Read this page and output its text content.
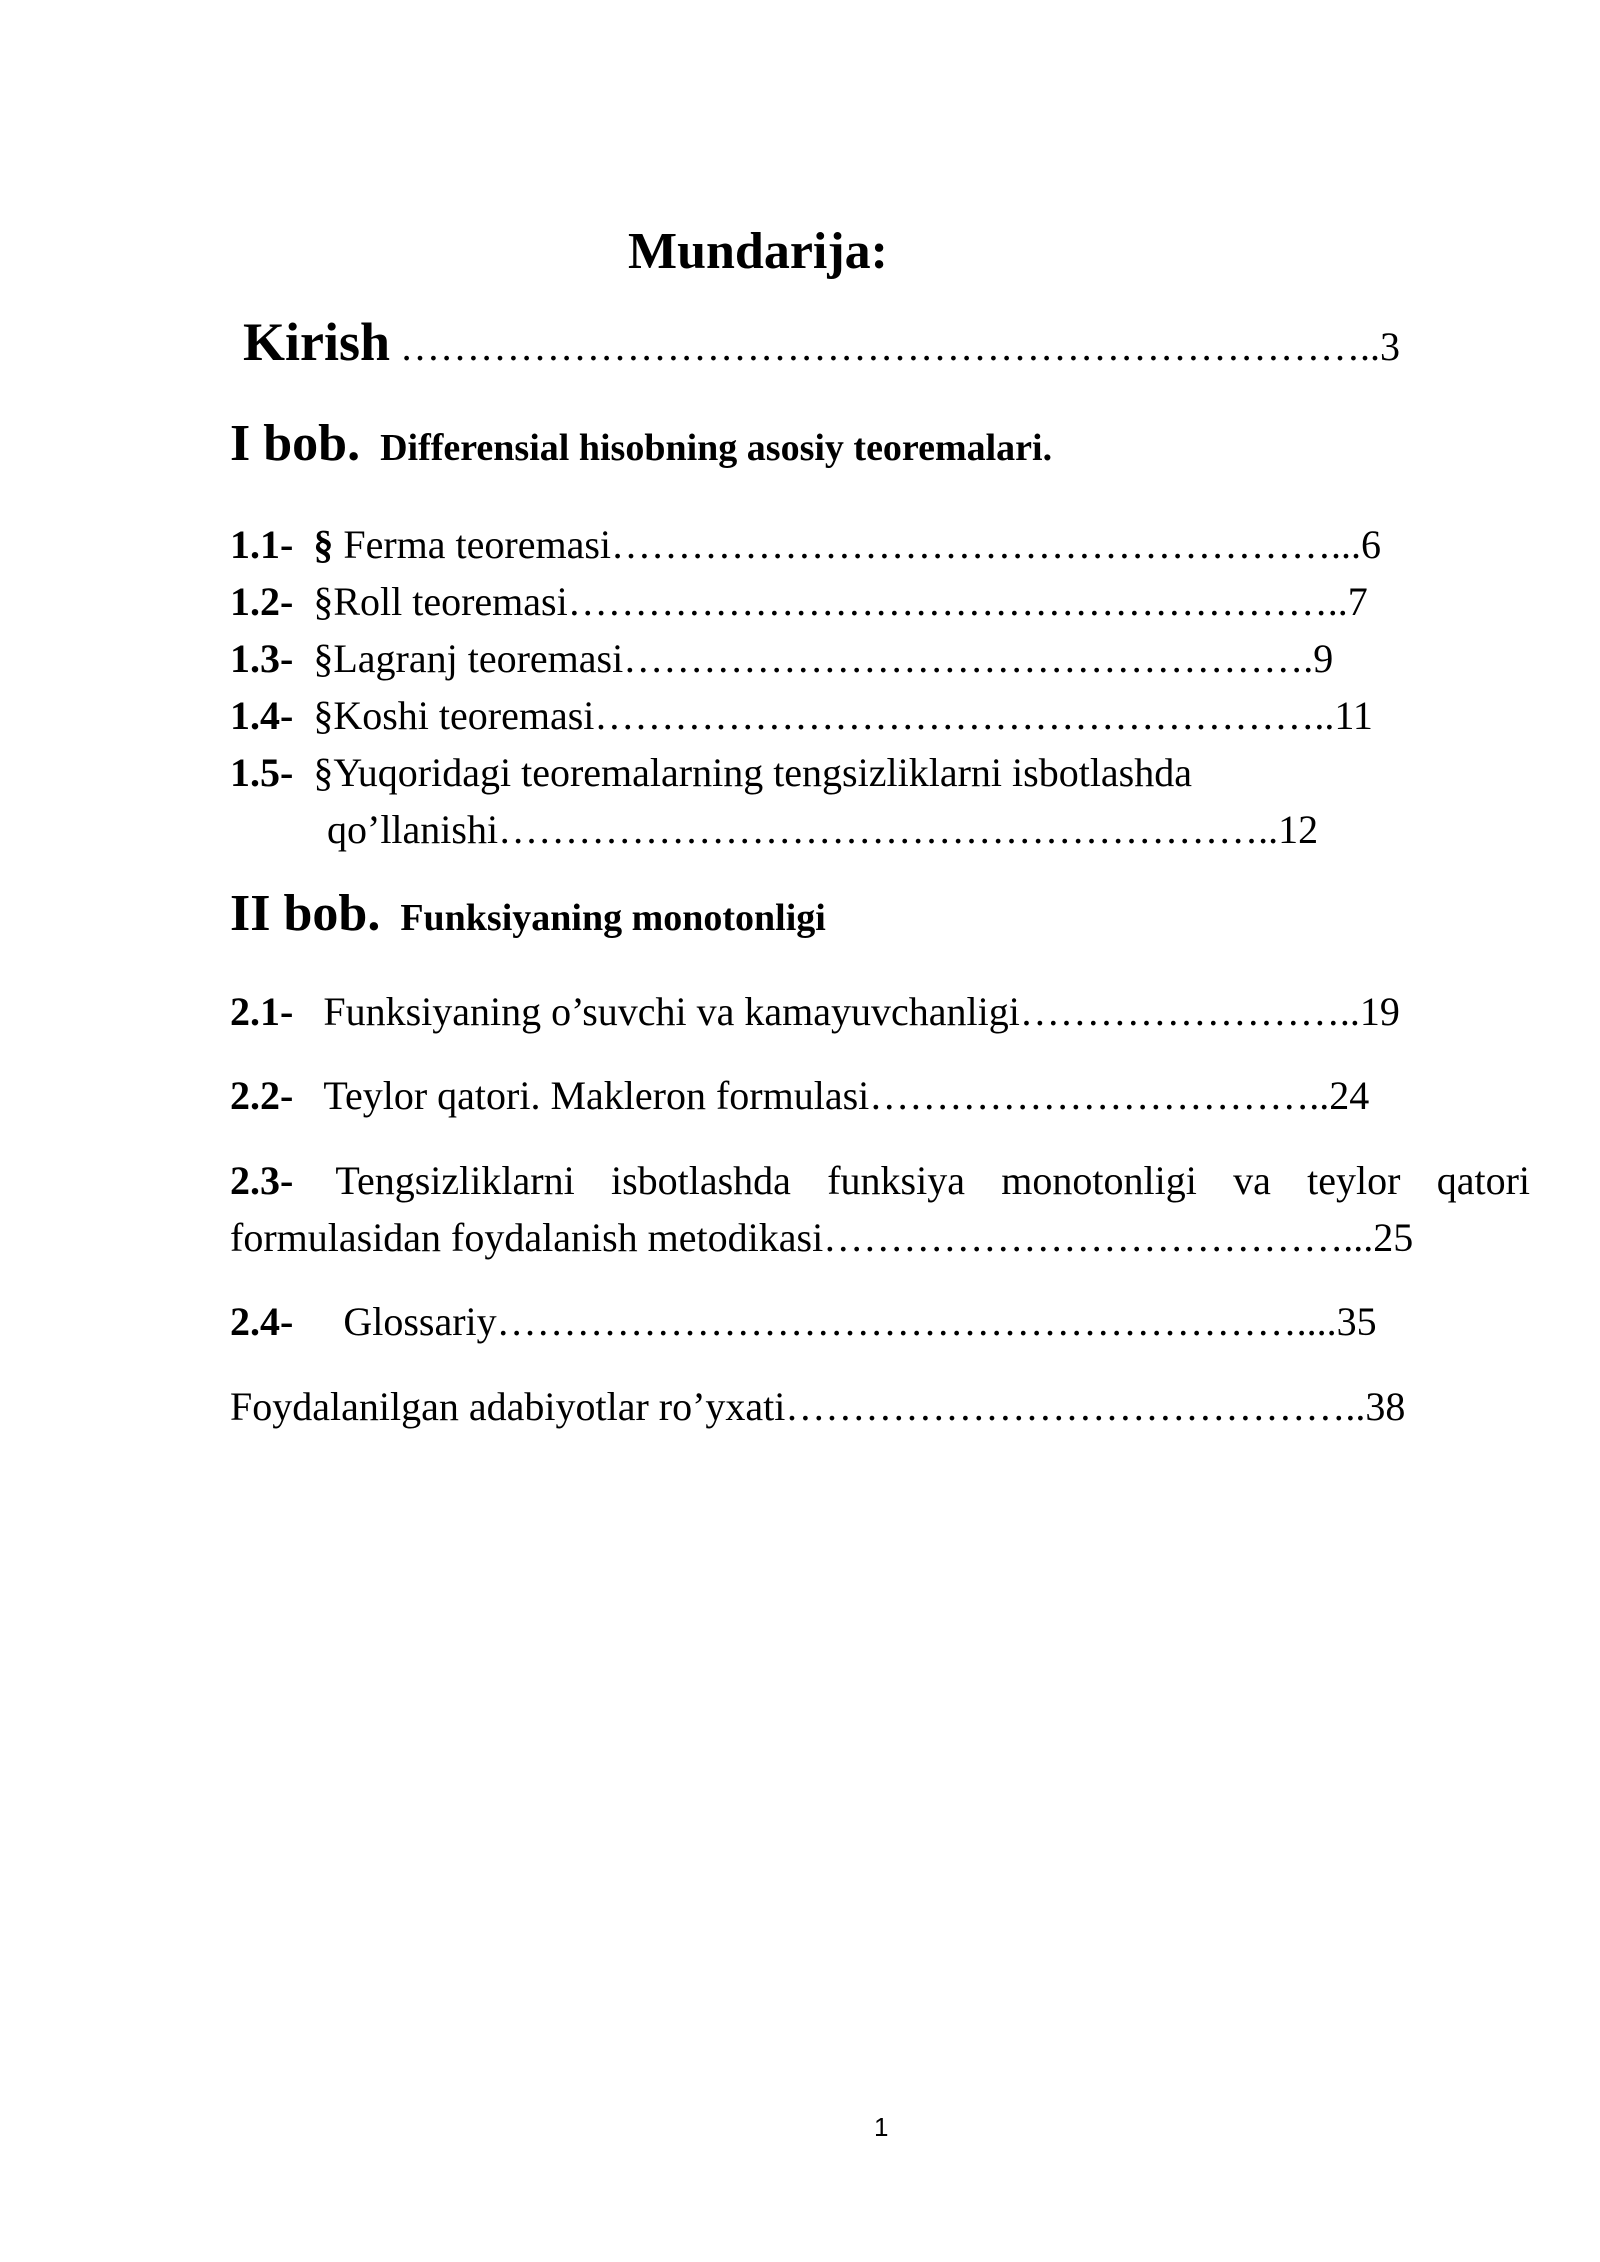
Mundarija:
Kirish ………………………………………………………………..3
I bob. Differensial hisobning asosiy teoremalari.
1.1- § Ferma teoremasi………………………………………………...6
1.2- §Roll teoremasi…………………………………………………..7
1.3- §Lagranj teoremasi…………………………………………….9
1.4- §Koshi teoremasi………………………………………………..11
1.5- §Yuqoridagi teoremalarning tengsizliklarni isbotlashda
qo’llanishi…………………………………………………..12
II bob. Funksiyaning monotonligi
2.1- Funksiyaning o’suvchi va kamayuvchanligi……………………..19
2.2- Teylor qatori. Makleron formulasi……………………………..24
2.3- Tengsizliklarni isbotlashda funksiya monotonligi va teylor qatori
formulasidan foydalanish metodikasi…………………………………...25
2.4- Glossariy……………………………………………………....35
Foydalanilgan adabiyotlar ro’yxati……………………………………..38
1
